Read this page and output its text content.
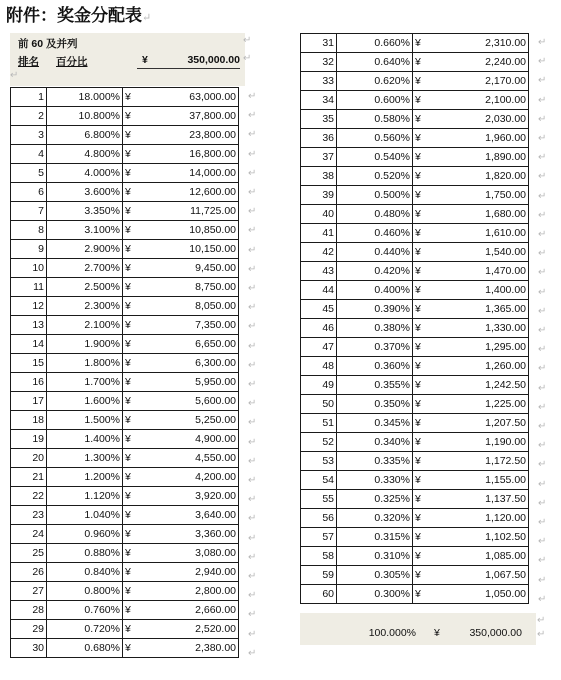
附件：奖金分配表↵
前 60 及并列	↵
排名 百分比	¥	350,000.00 ↵
↵
1	18.000%	¥	63,000.00
2	10.800%	¥	37,800.00
3	6.800%	¥	23,800.00
4	4.800%	¥	16,800.00
5	4.000%	¥	14,000.00
6	3.600%	¥	12,600.00
7	3.350%	¥	11,725.00
8	3.100%	¥	10,850.00
9	2.900%	¥	10,150.00
10	2.700%	¥	9,450.00
11	2.500%	¥	8,750.00
12	2.300%	¥	8,050.00
13	2.100%	¥	7,350.00
14	1.900%	¥	6,650.00
15	1.800%	¥	6,300.00
16	1.700%	¥	5,950.00
17	1.600%	¥	5,600.00
18	1.500%	¥	5,250.00
19	1.400%	¥	4,900.00
20	1.300%	¥	4,550.00
21	1.200%	¥	4,200.00
22	1.120%	¥	3,920.00
23	1.040%	¥	3,640.00
24	0.960%	¥	3,360.00
25	0.880%	¥	3,080.00
26	0.840%	¥	2,940.00
27	0.800%	¥	2,800.00
28	0.760%	¥	2,660.00
29	0.720%	¥	2,520.00
30	0.680%	¥	2,380.00
↵
↵
↵
↵
↵
↵
↵
↵
↵
↵
↵
↵
↵
↵
↵
↵
↵
↵
↵
↵
↵
↵
↵
↵
↵
↵
↵
↵
↵
↵
31	0.660%	¥	2,310.00
32	0.640%	¥	2,240.00
33	0.620%	¥	2,170.00
34	0.600%	¥	2,100.00
35	0.580%	¥	2,030.00
36	0.560%	¥	1,960.00
37	0.540%	¥	1,890.00
38	0.520%	¥	1,820.00
39	0.500%	¥	1,750.00
40	0.480%	¥	1,680.00
41	0.460%	¥	1,610.00
42	0.440%	¥	1,540.00
43	0.420%	¥	1,470.00
44	0.400%	¥	1,400.00
45	0.390%	¥	1,365.00
46	0.380%	¥	1,330.00
47	0.370%	¥	1,295.00
48	0.360%	¥	1,260.00
49	0.355%	¥	1,242.50
50	0.350%	¥	1,225.00
51	0.345%	¥	1,207.50
52	0.340%	¥	1,190.00
53	0.335%	¥	1,172.50
54	0.330%	¥	1,155.00
55	0.325%	¥	1,137.50
56	0.320%	¥	1,120.00
57	0.315%	¥	1,102.50
58	0.310%	¥	1,085.00
59	0.305%	¥	1,067.50
60	0.300%	¥	1,050.00
↵
↵
↵
↵
↵
↵
↵
↵
↵
↵
↵
↵
↵
↵
↵
↵
↵
↵
↵
↵
↵
↵
↵
↵
↵
↵
↵
↵
↵
↵
100.000% ¥	350,000.00
↵
↵
